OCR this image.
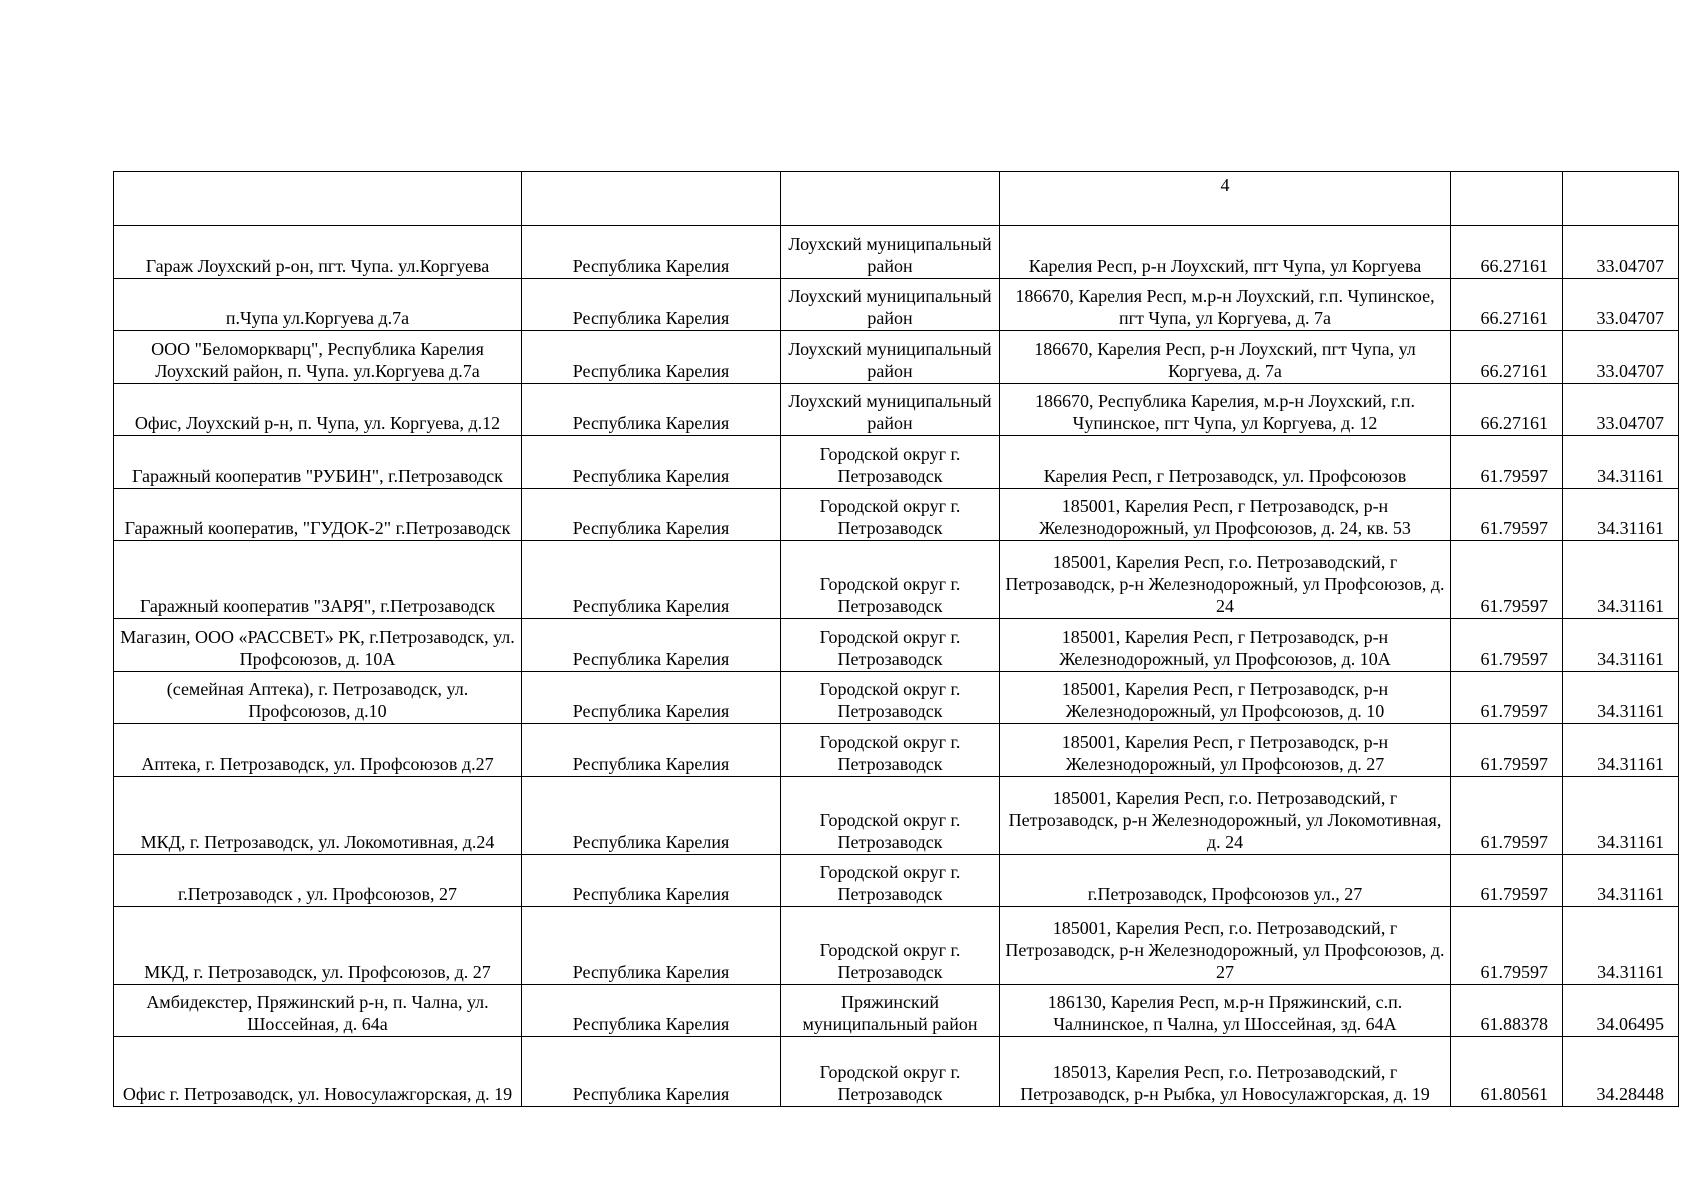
			4		
Гараж Лоухский р-он, пгт. Чупа. ул.Коргуева	Республика Карелия	Лоухский муниципальный район	Карелия Респ, р-н Лоухский, пгт Чупа, ул Коргуева	66.27161	33.04707
п.Чупа ул.Коргуева д.7а	Республика Карелия	Лоухский муниципальный район	186670, Карелия Респ, м.р-н Лоухский, г.п. Чупинское, пгт Чупа, ул Коргуева, д. 7а	66.27161	33.04707
ООО "Беломоркварц", Республика Карелия Лоухский район, п. Чупа. ул.Коргуева д.7а	Республика Карелия	Лоухский муниципальный район	186670, Карелия Респ, р-н Лоухский, пгт Чупа, ул Коргуева, д. 7а	66.27161	33.04707
Офис, Лоухский р-н, п. Чупа, ул. Коргуева, д.12	Республика Карелия	Лоухский муниципальный район	186670, Республика Карелия, м.р-н Лоухский, г.п. Чупинское, пгт Чупа, ул Коргуева, д. 12	66.27161	33.04707
Гаражный кооператив "РУБИН", г.Петрозаводск	Республика Карелия	Городской округ г. Петрозаводск	Карелия Респ, г Петрозаводск, ул. Профсоюзов	61.79597	34.31161
Гаражный кооператив, "ГУДОК-2" г.Петрозаводск	Республика Карелия	Городской округ г. Петрозаводск	185001, Карелия Респ, г Петрозаводск, р-н Железнодорожный, ул Профсоюзов, д. 24, кв. 53	61.79597	34.31161
Гаражный кооператив "ЗАРЯ", г.Петрозаводск	Республика Карелия	Городской округ г. Петрозаводск	185001, Карелия Респ, г.о. Петрозаводский, г Петрозаводск, р-н Железнодорожный, ул Профсоюзов, д. 24	61.79597	34.31161
Магазин, ООО «РАССВЕТ» РК, г.Петрозаводск, ул. Профсоюзов, д. 10А	Республика Карелия	Городской округ г. Петрозаводск	185001, Карелия Респ, г Петрозаводск, р-н Железнодорожный, ул Профсоюзов, д. 10А	61.79597	34.31161
(семейная Аптека), г. Петрозаводск, ул. Профсоюзов, д.10	Республика Карелия	Городской округ г. Петрозаводск	185001, Карелия Респ, г Петрозаводск, р-н Железнодорожный, ул Профсоюзов, д. 10	61.79597	34.31161
Аптека, г. Петрозаводск, ул. Профсоюзов д.27	Республика Карелия	Городской округ г. Петрозаводск	185001, Карелия Респ, г Петрозаводск, р-н Железнодорожный, ул Профсоюзов, д. 27	61.79597	34.31161
МКД, г. Петрозаводск, ул. Локомотивная, д.24	Республика Карелия	Городской округ г. Петрозаводск	185001, Карелия Респ, г.о. Петрозаводский, г Петрозаводск, р-н Железнодорожный, ул Локомотивная, д. 24	61.79597	34.31161
г.Петрозаводск , ул. Профсоюзов, 27	Республика Карелия	Городской округ г. Петрозаводск	г.Петрозаводск, Профсоюзов ул., 27	61.79597	34.31161
МКД, г. Петрозаводск, ул. Профсоюзов, д. 27	Республика Карелия	Городской округ г. Петрозаводск	185001, Карелия Респ, г.о. Петрозаводский, г Петрозаводск, р-н Железнодорожный, ул Профсоюзов, д. 27	61.79597	34.31161
Амбидекстер, Пряжинский р-н, п. Чална, ул. Шоссейная, д. 64а	Республика Карелия	Пряжинский муниципальный район	186130, Карелия Респ, м.р-н Пряжинский, с.п. Чалнинское, п Чална, ул Шоссейная, зд. 64А	61.88378	34.06495
Офис г. Петрозаводск, ул. Новосулажгорская, д. 19	Республика Карелия	Городской округ г. Петрозаводск	185013, Карелия Респ, г.о. Петрозаводский, г Петрозаводск, р-н Рыбка, ул Новосулажгорская, д. 19	61.80561	34.28448
